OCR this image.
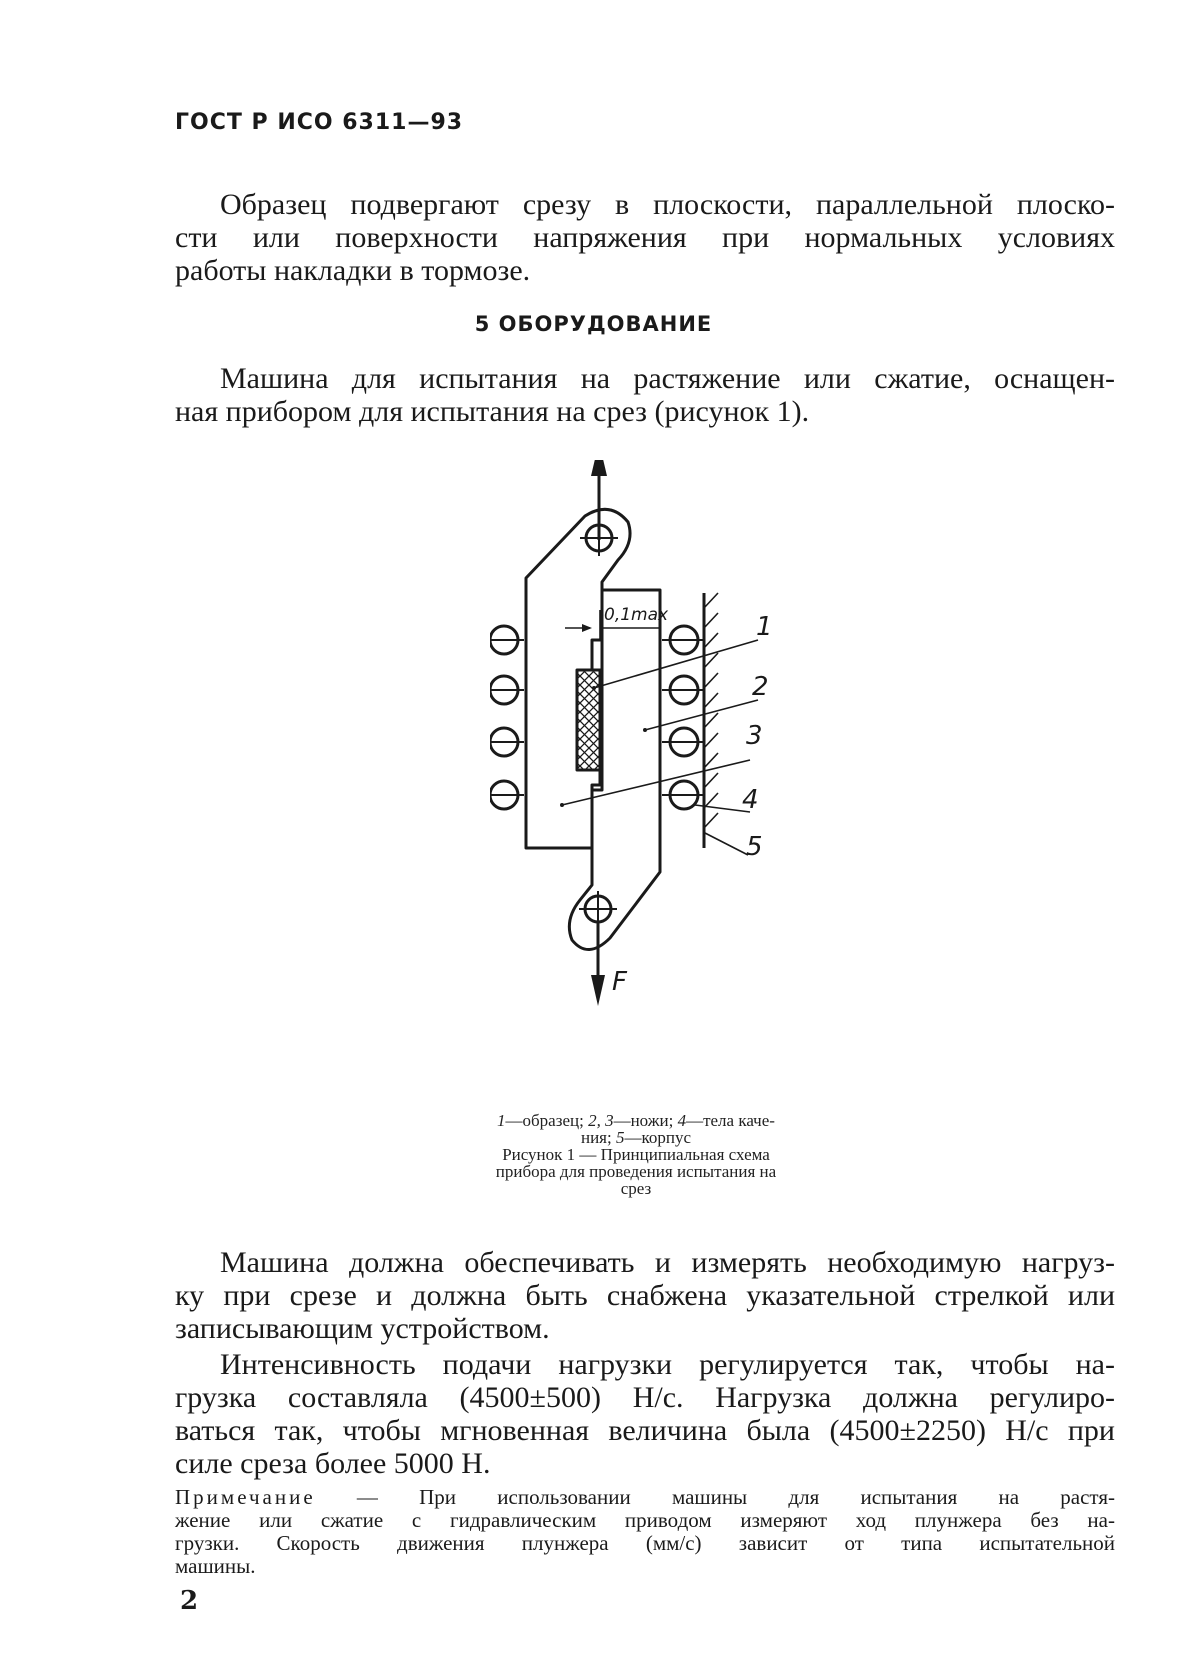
ГОСТ Р ИСО 6311—93
Образец подвергают срезу в плоскости, параллельной плоско-
сти или поверхности напряжения при нормальных условиях
работы накладки в тормозе.
5 ОБОРУДОВАНИЕ
Машина для испытания на растяжение или сжатие, оснащен-
ная прибором для испытания на срез (рисунок 1).
0,1max
F
1
2
3
4
5
1—образец; 2, 3—ножи; 4—тела каче-
ния; 5—корпус
Рисунок 1 — Принципиальная схема
прибора для проведения испытания на
срез
Машина должна обеспечивать и измерять необходимую нагруз-
ку при срезе и должна быть снабжена указательной стрелкой или
записывающим устройством.
Интенсивность подачи нагрузки регулируется так, чтобы на-
грузка составляла (4500±500) Н/с. Нагрузка должна регулиро-
ваться так, чтобы мгновенная величина была (4500±2250) Н/с при
силе среза более 5000 Н.
Примечание — При использовании машины для испытания на растя-
жение или сжатие с гидравлическим приводом измеряют ход плунжера без на-
грузки. Скорость движения плунжера (мм/с) зависит от типа испытательной
машины.
2
